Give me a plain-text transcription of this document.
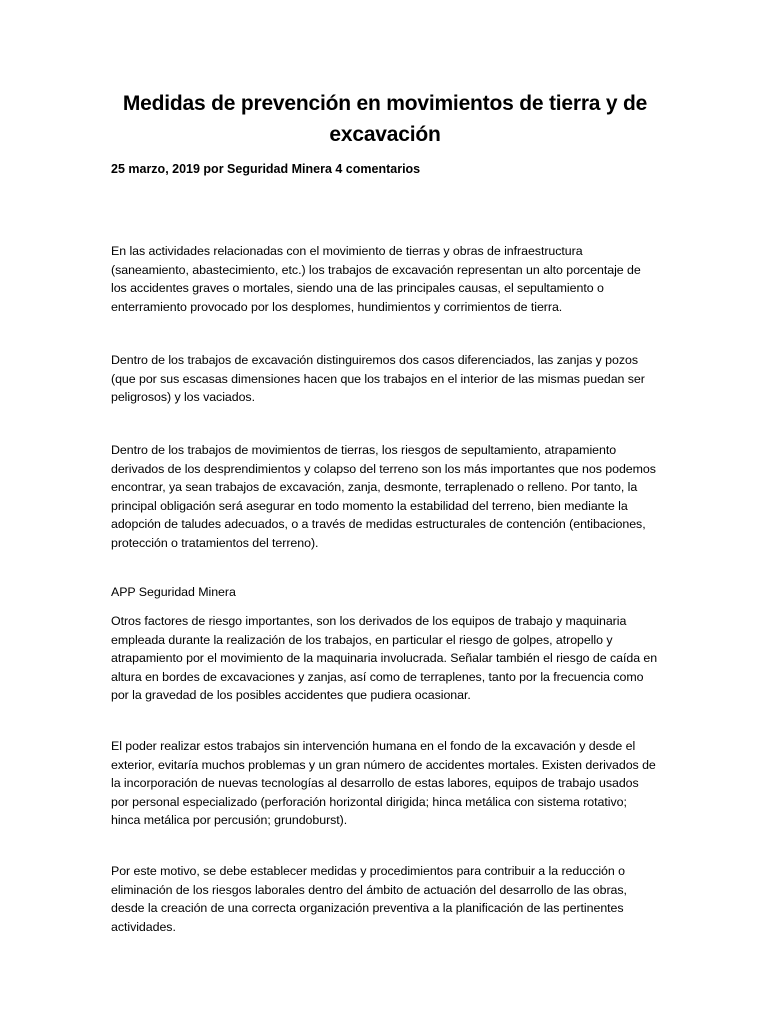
Medidas de prevención en movimientos de tierra y de excavación

25 marzo, 2019 por Seguridad Minera 4 comentarios

En las actividades relacionadas con el movimiento de tierras y obras de infraestructura (saneamiento, abastecimiento, etc.) los trabajos de excavación representan un alto porcentaje de los accidentes graves o mortales, siendo una de las principales causas, el sepultamiento o enterramiento provocado por los desplomes, hundimientos y corrimientos de tierra.

Dentro de los trabajos de excavación distinguiremos dos casos diferenciados, las zanjas y pozos (que por sus escasas dimensiones hacen que los trabajos en el interior de las mismas puedan ser peligrosos) y los vaciados.

Dentro de los trabajos de movimientos de tierras, los riesgos de sepultamiento, atrapamiento derivados de los desprendimientos y colapso del terreno son los más importantes que nos podemos encontrar, ya sean trabajos de excavación, zanja, desmonte, terraplenado o relleno. Por tanto, la principal obligación será asegurar en todo momento la estabilidad del terreno, bien mediante la adopción de taludes adecuados, o a través de medidas estructurales de contención (entibaciones, protección o tratamientos del terreno).

APP Seguridad Minera

Otros factores de riesgo importantes, son los derivados de los equipos de trabajo y maquinaria empleada durante la realización de los trabajos, en particular el riesgo de golpes, atropello y atrapamiento por el movimiento de la maquinaria involucrada. Señalar también el riesgo de caída en altura en bordes de excavaciones y zanjas, así como de terraplenes, tanto por la frecuencia como por la gravedad de los posibles accidentes que pudiera ocasionar.

El poder realizar estos trabajos sin intervención humana en el fondo de la excavación y desde el exterior, evitaría muchos problemas y un gran número de accidentes mortales. Existen derivados de la incorporación de nuevas tecnologías al desarrollo de estas labores, equipos de trabajo usados por personal especializado (perforación horizontal dirigida; hinca metálica con sistema rotativo; hinca metálica por percusión; grundoburst).

Por este motivo, se debe establecer medidas y procedimientos para contribuir a la reducción o eliminación de los riesgos laborales dentro del ámbito de actuación del desarrollo de las obras, desde la creación de una correcta organización preventiva a la planificación de las pertinentes actividades.
